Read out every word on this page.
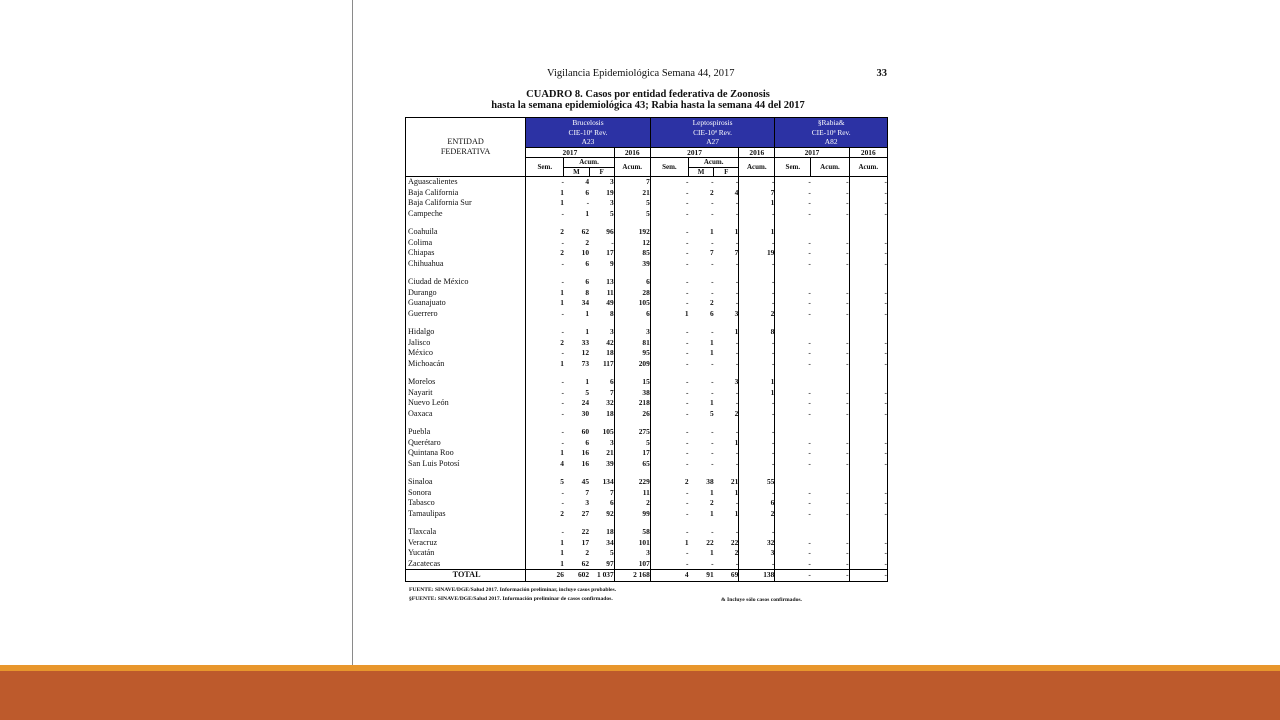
Vigilancia Epidemiológica Semana 44, 2017	33
CUADRO 8. Casos por entidad federativa de Zoonosis
hasta la semana epidemiológica 43; Rabia hasta la semana 44 del 2017
ENTIDAD
FEDERATIVA	Brucelosis
CIE-10ª Rev.
A23				Leptospirosis
CIE-10ª Rev.
A27				§Rabia&
CIE-10ª Rev.
A82		
	2017			2016	2017			2016	2017		2016
	Sem.	Acum.		Acum.	Sem.	Acum.		Acum.	Sem.	Acum.	Acum.
		M	F			M	F				
Aguascalientes	-	4	3	7	-	-	-	-	-	-	-
Baja California	1	6	19	21	-	2	4	7	-	-	-
Baja California Sur	1	-	3	5	-	-	-	1	-	-	-
Campeche	-	1	5	5	-	-	-	-	-	-	-

Coahuila	2	62	96	192	-	1	1	1			
Colima	-	2	-	12	-	-	-	-	-	-	-
Chiapas	2	10	17	85	-	7	7	19	-	-	-
Chihuahua	-	6	9	39	-	-	-	-	-	-	-

Ciudad de México	-	6	13	6	-	-	-	-			
Durango	1	8	11	28	-	-	-	-	-	-	-
Guanajuato	1	34	49	105	-	2	-	-	-	-	-
Guerrero	-	1	8	6	1	6	3	2	-	-	-

Hidalgo	-	1	3	3	-	-	1	8			
Jalisco	2	33	42	81	-	1	-	-	-	-	-
México	-	12	18	95	-	1	-	-	-	-	-
Michoacán	1	73	117	209	-	-	-	-	-	-	-

Morelos	-	1	6	15	-	-	3	1			
Nayarit	-	5	7	38	-	-	-	1	-	-	-
Nuevo León	-	24	32	218	-	1	-	-	-	-	-
Oaxaca	-	30	18	26	-	5	2	-	-	-	-

Puebla	-	60	105	275	-	-	-	-			
Querétaro	-	6	3	5	-	-	1	-	-	-	-
Quintana Roo	1	16	21	17	-	-	-	-	-	-	-
San Luis Potosí	4	16	39	65	-	-	-	-	-	-	-

Sinaloa	5	45	134	229	2	38	21	55			
Sonora	-	7	7	11	-	1	1	-	-	-	-
Tabasco	-	3	6	2	-	2	-	6	-	-	-
Tamaulipas	2	27	92	99	-	1	1	2	-	-	-

Tlaxcala	-	22	18	58	-	-	-	-			
Veracruz	1	17	34	101	1	22	22	32	-	-	-
Yucatán	1	2	5	3	-	1	2	3	-	-	-
Zacatecas	1	62	97	107	-	-	-	-	-	-	-
TOTAL	26	602	1 037	2 168	4	91	69	138	-	-	-
FUENTE: SINAVE/DGE/Salud 2017. Información preliminar, incluye casos probables.
§FUENTE: SINAVE/DGE/Salud 2017. Información preliminar de casos confirmados.	& Incluye sólo casos confirmados.
